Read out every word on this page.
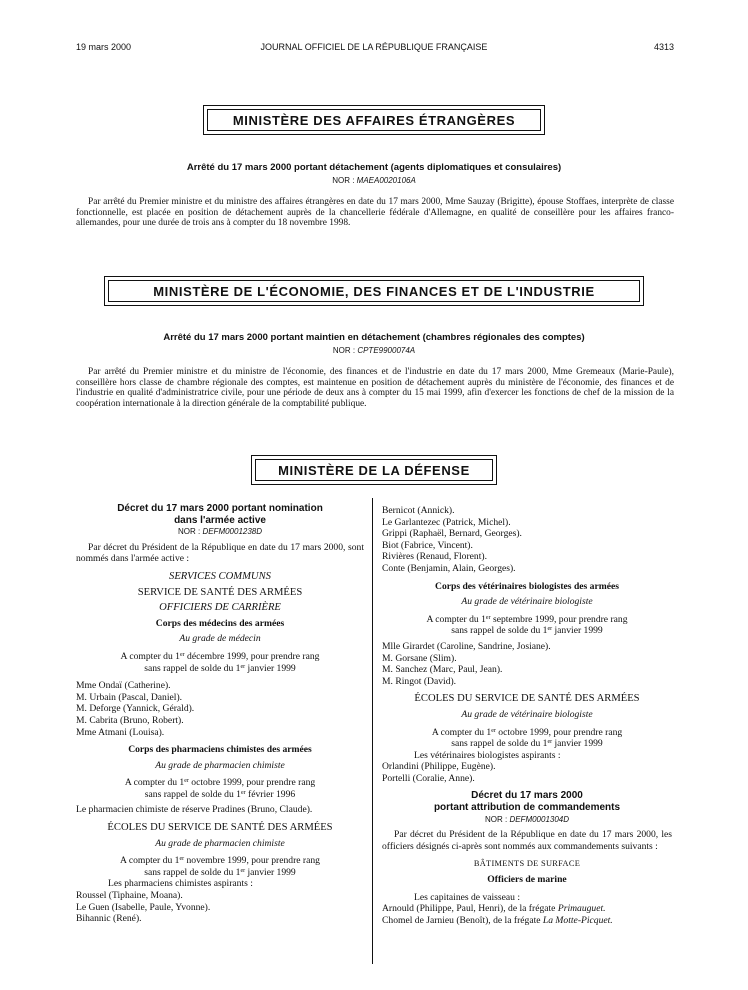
19 mars 2000	JOURNAL OFFICIEL DE LA RÉPUBLIQUE FRANÇAISE	4313
MINISTÈRE DES AFFAIRES ÉTRANGÈRES
Arrêté du 17 mars 2000 portant détachement (agents diplomatiques et consulaires)
NOR : MAEA0020106A
Par arrêté du Premier ministre et du ministre des affaires étrangères en date du 17 mars 2000, Mme Sauzay (Brigitte), épouse Stoffaes, interprète de classe fonctionnelle, est placée en position de détachement auprès de la chancellerie fédérale d'Allemagne, en qualité de conseillère pour les affaires franco-allemandes, pour une durée de trois ans à compter du 18 novembre 1998.
MINISTÈRE DE L'ÉCONOMIE, DES FINANCES ET DE L'INDUSTRIE
Arrêté du 17 mars 2000 portant maintien en détachement (chambres régionales des comptes)
NOR : CPTE9900074A
Par arrêté du Premier ministre et du ministre de l'économie, des finances et de l'industrie en date du 17 mars 2000, Mme Gremeaux (Marie-Paule), conseillère hors classe de chambre régionale des comptes, est maintenue en position de détachement auprès du ministère de l'économie, des finances et de l'industrie en qualité d'administratrice civile, pour une période de deux ans à compter du 15 mai 1999, afin d'exercer les fonctions de chef de la mission de la coopération internationale à la direction générale de la comptabilité publique.
MINISTÈRE DE LA DÉFENSE
Décret du 17 mars 2000 portant nomination
dans l'armée active
NOR : DEFM0001238D
Par décret du Président de la République en date du 17 mars 2000, sont nommés dans l'armée active :
SERVICES COMMUNS
SERVICE DE SANTÉ DES ARMÉES
OFFICIERS DE CARRIÈRE
Corps des médecins des armées
Au grade de médecin
A compter du 1er décembre 1999, pour prendre rang
sans rappel de solde du 1er janvier 1999
Mme Ondaï (Catherine).
M. Urbain (Pascal, Daniel).
M. Deforge (Yannick, Gérald).
M. Cabrita (Bruno, Robert).
Mme Atmani (Louisa).
Corps des pharmaciens chimistes des armées
Au grade de pharmacien chimiste
A compter du 1er octobre 1999, pour prendre rang
sans rappel de solde du 1er février 1996
Le pharmacien chimiste de réserve Pradines (Bruno, Claude).
ÉCOLES DU SERVICE DE SANTÉ DES ARMÉES
Au grade de pharmacien chimiste
A compter du 1er novembre 1999, pour prendre rang
sans rappel de solde du 1er janvier 1999
Les pharmaciens chimistes aspirants :
Roussel (Tiphaine, Moana).
Le Guen (Isabelle, Paule, Yvonne).
Bihannic (René).
Bernicot (Annick).
Le Garlantezec (Patrick, Michel).
Grippi (Raphaël, Bernard, Georges).
Biot (Fabrice, Vincent).
Rivières (Renaud, Florent).
Conte (Benjamin, Alain, Georges).
Corps des vétérinaires biologistes des armées
Au grade de vétérinaire biologiste
A compter du 1er septembre 1999, pour prendre rang
sans rappel de solde du 1er janvier 1999
Mlle Girardet (Caroline, Sandrine, Josiane).
M. Gorsane (Slim).
M. Sanchez (Marc, Paul, Jean).
M. Ringot (David).
ÉCOLES DU SERVICE DE SANTÉ DES ARMÉES
Au grade de vétérinaire biologiste
A compter du 1er octobre 1999, pour prendre rang
sans rappel de solde du 1er janvier 1999
Les vétérinaires biologistes aspirants :
Orlandini (Philippe, Eugène).
Portelli (Coralie, Anne).
Décret du 17 mars 2000
portant attribution de commandements
NOR : DEFM0001304D
Par décret du Président de la République en date du 17 mars 2000, les officiers désignés ci-après sont nommés aux commandements suivants :
BÂTIMENTS DE SURFACE
Officiers de marine
Les capitaines de vaisseau :
Arnould (Philippe, Paul, Henri), de la frégate Primauguet.
Chomel de Jarnieu (Benoît), de la frégate La Motte-Picquet.
